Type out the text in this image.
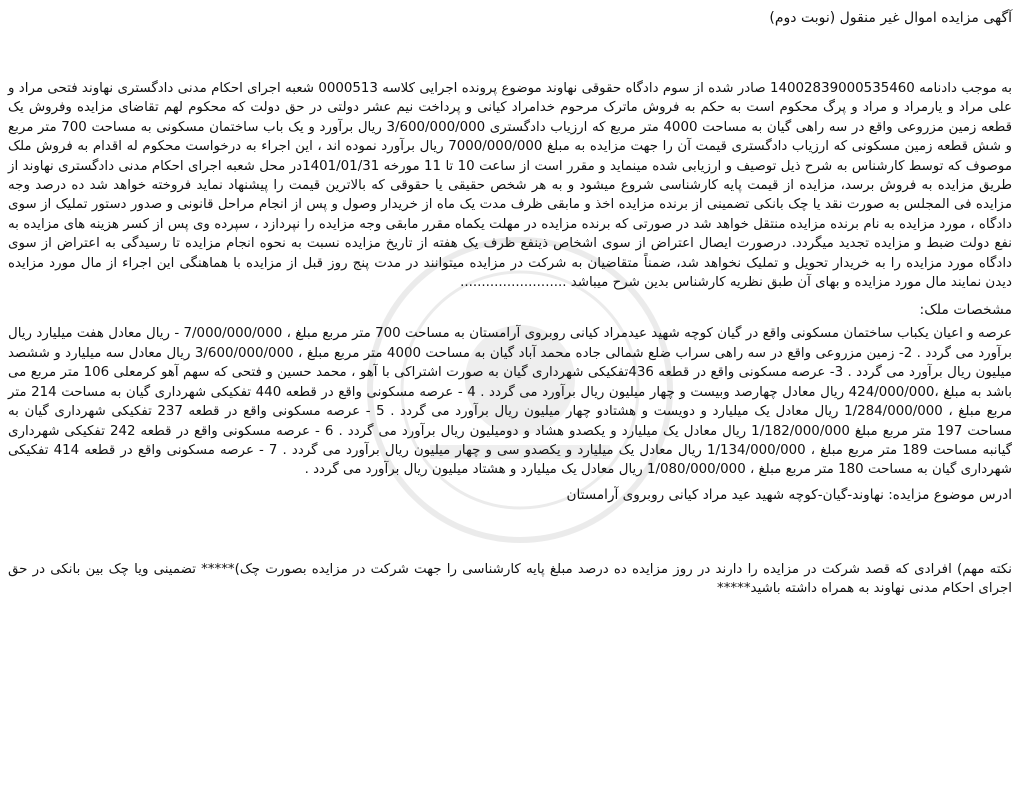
آگهی مزایده اموال غیر منقول (نوبت دوم)

به موجب دادنامه 14002839000535460 صادر شده از سوم دادگاه حقوقی نهاوند موضوع پرونده اجرایی کلاسه 0000513 شعبه اجرای احکام مدنی دادگستری نهاوند فتحی مراد و علی مراد و یارمراد و مراد و پرگ محکوم است به حکم به فروش ماترک مرحوم خدامراد کیانی و پرداخت نیم عشر دولتی در حق دولت که محکوم لهم تقاضای مزایده وفروش یک قطعه زمین مزروعی واقع در سه راهی گیان به مساحت 4000 متر مربع که ارزیاب دادگستری 3/600/000/000 ریال برآورد و یک باب ساختمان مسکونی به مساحت 700 متر مربع و شش قطعه زمین مسکونی که ارزیاب دادگستری قیمت آن را جهت مزایده به مبلغ 7000/000/000 ریال برآورد نموده اند ، این اجراء به درخواست محکوم له اقدام به فروش ملک موصوف که توسط کارشناس به شرح ذیل توصیف و ارزیابی شده مینماید و مقرر است از ساعت 10 تا 11 مورخه 1401/01/31در محل شعبه اجرای احکام مدنی دادگستری نهاوند از طریق مزایده به فروش برسد، مزایده از قیمت پایه کارشناسی شروع میشود و به هر شخص حقیقی یا حقوقی که بالاترین قیمت را پیشنهاد نماید فروخته خواهد شد ده درصد وجه مزایده فی المجلس به صورت نقد یا چک بانکی تضمینی از برنده مزایده اخذ و مابقی ظرف مدت یک ماه از خریدار وصول و پس از انجام مراحل قانونی و صدور دستور تملیک از سوی دادگاه ، مورد مزایده به نام برنده مزایده منتقل خواهد شد در صورتی که برنده مزایده در مهلت یکماه مقرر مابقی وجه مزایده را نپردازد ، سپرده وی پس از کسر هزینه های مزایده به نفع دولت ضبط و مزایده تجدید میگردد. درصورت ایصال اعتراض از سوی اشخاص ذینفع ظرف یک هفته از تاریخ مزایده نسبت به نحوه انجام مزایده تا رسیدگی به اعتراض از سوی دادگاه مورد مزایده را به خریدار تحویل و تملیک نخواهد شد، ضمناً متقاضیان به شرکت در مزایده میتوانند در مدت پنج روز قبل از مزایده با هماهنگی این اجراء از مال مورد مزایده دیدن نمایند مال مورد مزایده و بهای آن طبق نظریه کارشناس بدین شرح میباشد .........................

مشخصات ملک:

عرصه و اعیان یکباب ساختمان مسکونی واقع در گیان کوچه شهید عیدمراد کیانی روبروی آرامستان به مساحت 700 متر مربع مبلغ ، 7/000/000/000 - ریال معادل هفت میلیارد ریال برآورد می گردد . 2- زمین مزروعی واقع در سه راهی سراب ضلع شمالی جاده محمد آباد گیان به مساحت 4000 متر مربع مبلغ ، 3/600/000/000 ریال معادل سه میلیارد و ششصد میلیون ریال برآورد می گردد . 3- عرصه مسکونی واقع در قطعه 436تفکیکی شهرداری گیان به صورت اشتراکی با آهو ، محمد حسین و فتحی که سهم آهو کرمعلی 106 متر مربع می باشد به مبلغ ،424/000/000 ریال معادل چهارصد وبیست و چهار میلیون ریال برآورد می گردد . 4 - عرصه مسکونی واقع در قطعه 440 تفکیکی شهرداری گیان به مساحت 214 متر مربع مبلغ ، 1/284/000/000 ریال معادل یک میلیارد و دویست و هشتادو چهار میلیون ریال برآورد می گردد . 5 - عرصه مسکونی واقع در قطعه 237 تفکیکی شهرداری گیان به مساحت 197 متر مربع مبلغ 1/182/000/000 ریال معادل یک میلیارد و یکصدو هشاد و دومیلیون ریال برآورد می گردد . 6 - عرصه مسکونی واقع در قطعه 242 تفکیکی شهرداری گیانبه مساحت 189 متر مربع مبلغ ، 1/134/000/000 ریال معادل یک میلیارد و یکصدو سی و چهار میلیون ریال برآورد می گردد . 7 - عرصه مسکونی واقع در قطعه 414 تفکیکی شهرداری گیان به مساحت 180 متر مربع مبلغ ، 1/080/000/000 ریال معادل یک میلیارد و هشتاد میلیون ریال برآورد می گردد .

ادرس موضوع مزایده: نهاوند-گیان-کوچه شهید عید مراد کیانی روبروی آرامستان

نکته مهم) افرادی که قصد شرکت در مزایده را دارند در روز مزایده ده درصد مبلغ پایه کارشناسی را جهت شرکت در مزایده بصورت چک)***** تضمینی ویا چک بین بانکی در حق اجرای احکام مدنی نهاوند به همراه داشته باشید*****
